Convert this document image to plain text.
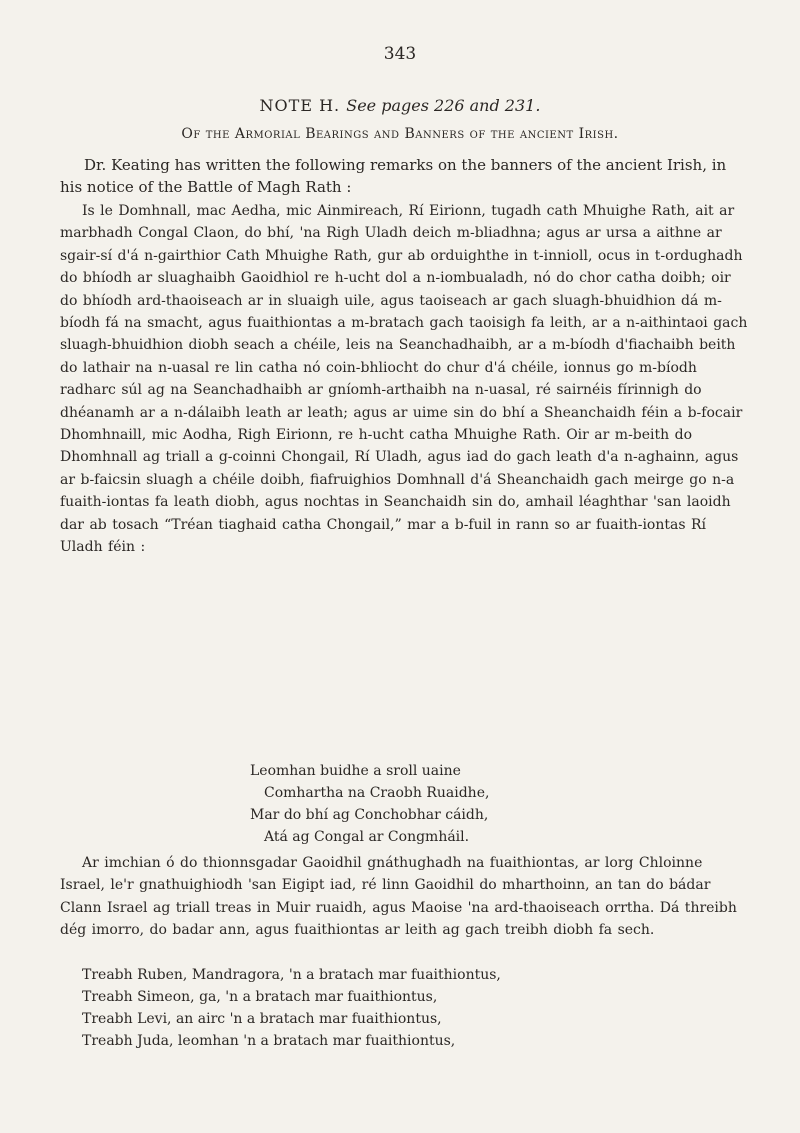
343
NOTE H. See pages 226 and 231.
Of the Armorial Bearings and Banners of the ancient Irish.

Dr. Keating has written the following remarks on the banners of the ancient Irish, in his notice of the Battle of Magh Rath :

Is le Domhnall, mac Aedha, mic Ainmireach, Rí Eirionn, tugadh cath Mhuighe Rath, ait ar marbhadh Congal Claon, do bhí, 'na Righ Uladh deich m-bliadhna; agus ar ursa a aithne ar sgair-sí d'á n-gairthior Cath Mhuighe Rath, gur ab orduighthe in t-innioll, ocus in t-ordughadh do bhíodh ar sluaghaibh Gaoidhiol re h-ucht dol a n-iombualadh, nó do chor catha doibh; oir do bhíodh ard-thaoiseach ar in sluaigh uile, agus taoiseach ar gach sluagh-bhuidhion dá m-bíodh fá na smacht, agus fuaithiontas a m-bratach gach taoisigh fa leith, ar a n-aithintaoi gach sluagh-bhuidhion diobh seach a chéile, leis na Seanchadhaibh, ar a m-bíodh d'fiachaibh beith do lathair na n-uasal re lin catha nó coin-bhliocht do chur d'á chéile, ionnus go m-bíodh radharc súl ag na Seanchadhaibh ar gníomh-arthaibh na n-uasal, ré sairnéis fírinnigh do dhéanamh ar a n-dálaibh leath ar leath; agus ar uime sin do bhí a Sheanchaidh féin a b-focair Dhomhnaill, mic Aodha, Righ Eirionn, re h-ucht catha Mhuighe Rath. Oir ar m-beith do Dhomhnall ag triall a g-coinni Chongail, Rí Uladh, agus iad do gach leath d'a n-aghainn, agus ar b-faicsin sluagh a chéile doibh, fiafruighios Domhnall d'á Sheanchaidh gach meirge go n-a fuaith-iontas fa leath diobh, agus nochtas in Seanchaidh sin do, amhail léaghthar 'san laoidh dar ab tosach “Tréan tiaghaid catha Chongail,” mar a b-fuil in rann so ar fuaith-iontas Rí Uladh féin :

Leomhan buidhe a sroll uaine
Comhartha na Craobh Ruaidhe,
Mar do bhí ag Conchobhar cáidh,
Atá ag Congal ar Congmháil.

Ar imchian ó do thionnsgadar Gaoidhil gnáthughadh na fuaithiontas, ar lorg Chloinne Israel, le'r gnathuighiodh 'san Eigipt iad, ré linn Gaoidhil do mharthoinn, an tan do bádar Clann Israel ag triall treas in Muir ruaidh, agus Maoise 'na ard-thaoiseach orrtha. Dá threibh dég imorro, do badar ann, agus fuaithiontas ar leith ag gach treibh diobh fa sech.

Treabh Ruben, Mandragora, 'n a bratach mar fuaithiontus,
Treabh Simeon, ga, 'n a bratach mar fuaithiontus,
Treabh Levi, an airc 'n a bratach mar fuaithiontus,
Treabh Juda, leomhan 'n a bratach mar fuaithiontus,
